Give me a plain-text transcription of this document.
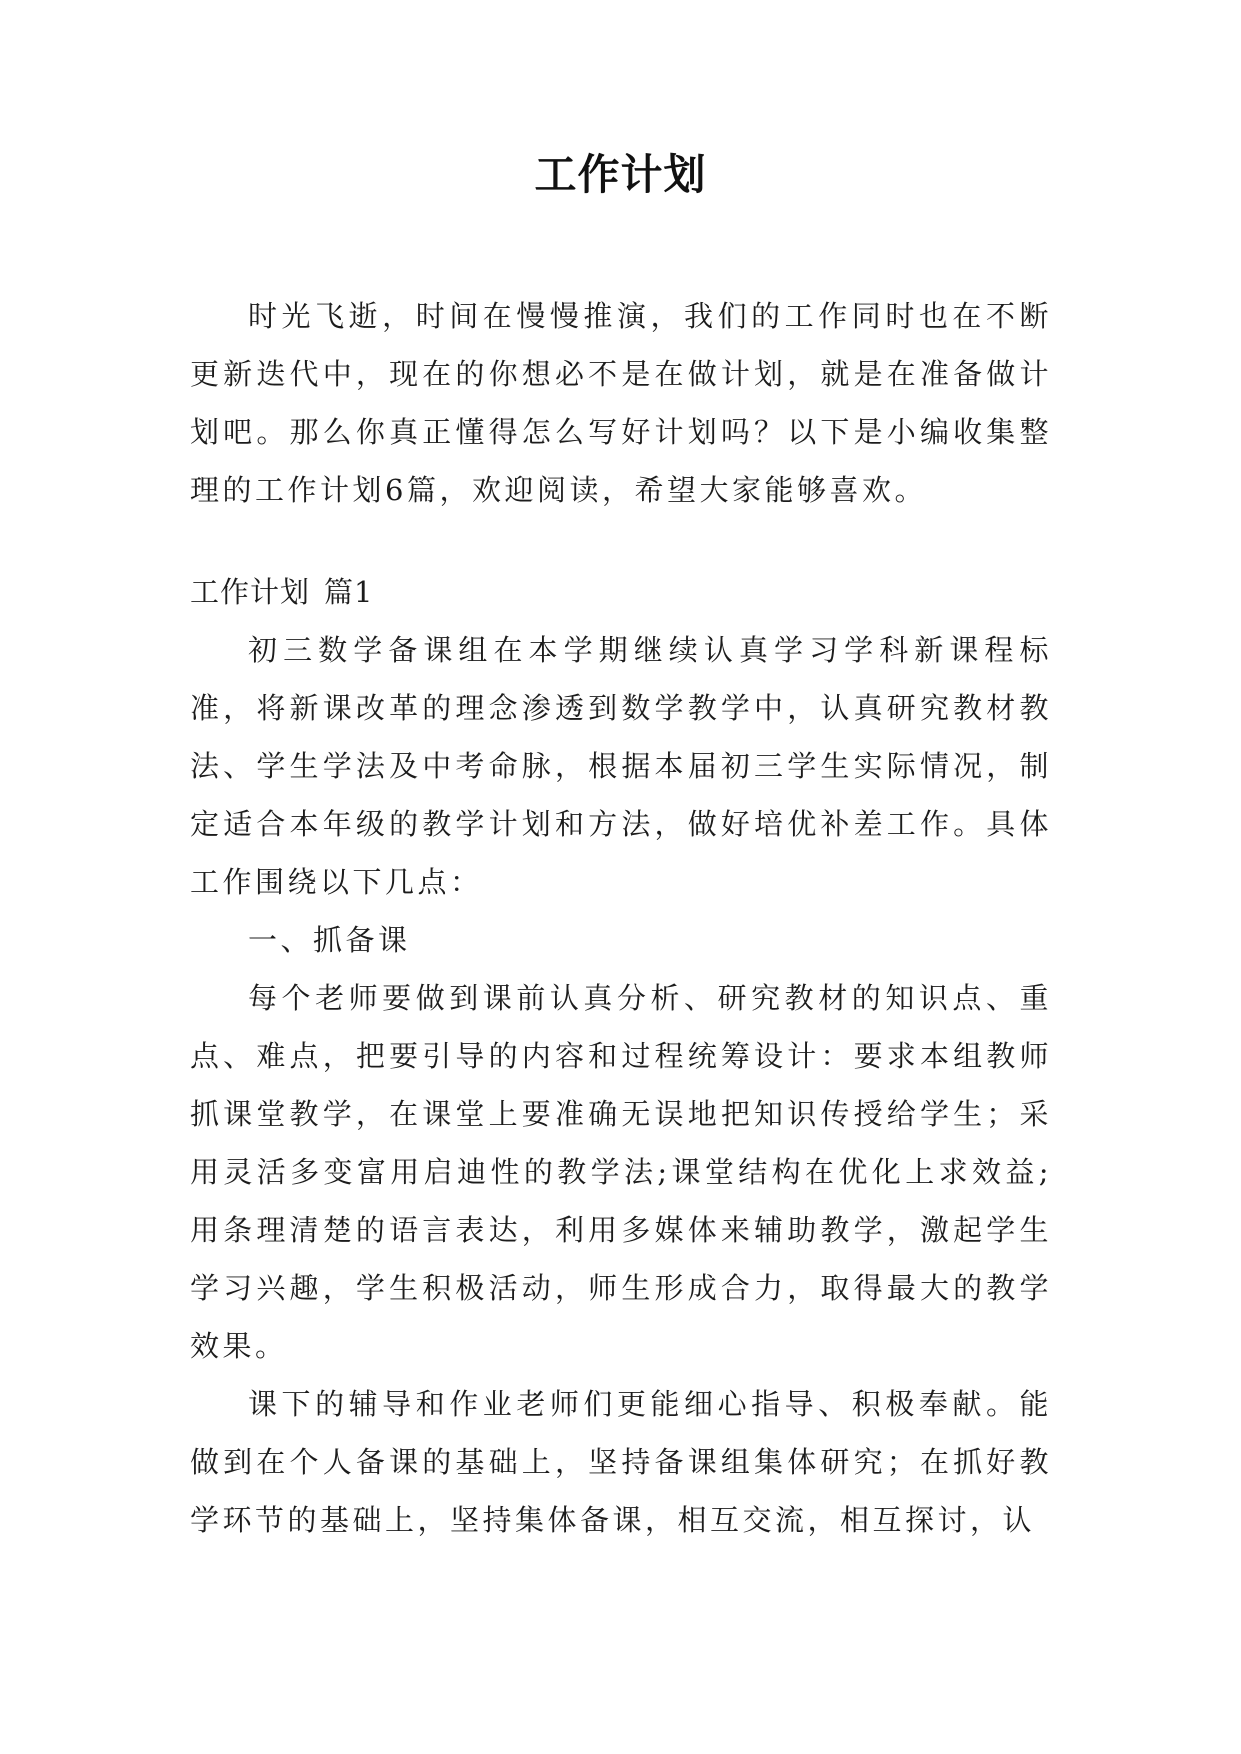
工作计划

时光飞逝，时间在慢慢推演，我们的工作同时也在不断更新迭代中，现在的你想必不是在做计划，就是在准备做计划吧。那么你真正懂得怎么写好计划吗？以下是小编收集整理的工作计划6篇，欢迎阅读，希望大家能够喜欢。

工作计划 篇1

初三数学备课组在本学期继续认真学习学科新课程标准，将新课改革的理念渗透到数学教学中，认真研究教材教法、学生学法及中考命脉，根据本届初三学生实际情况，制定适合本年级的教学计划和方法，做好培优补差工作。具体工作围绕以下几点：

一、抓备课

每个老师要做到课前认真分析、研究教材的知识点、重点、难点，把要引导的内容和过程统筹设计：要求本组教师抓课堂教学，在课堂上要准确无误地把知识传授给学生；采用灵活多变富用启迪性的教学法;课堂结构在优化上求效益;用条理清楚的语言表达，利用多媒体来辅助教学，激起学生学习兴趣，学生积极活动，师生形成合力，取得最大的教学效果。

课下的辅导和作业老师们更能细心指导、积极奉献。能做到在个人备课的基础上，坚持备课组集体研究；在抓好教学环节的基础上，坚持集体备课，相互交流，相互探讨，认
